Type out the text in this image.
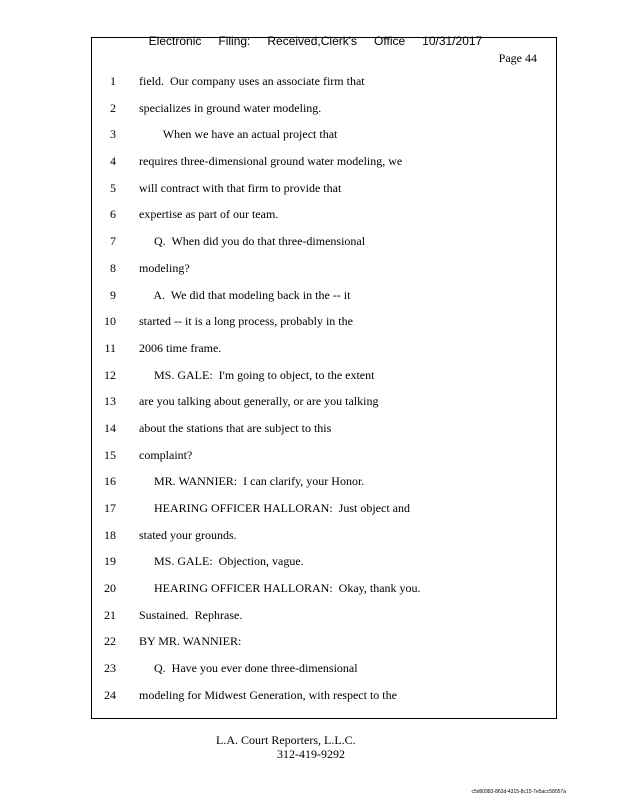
Electronic Filing: Received,Clerk's Office 10/31/2017

Page 44
1 field.  Our company uses an associate firm that
2 specializes in ground water modeling.
3 When we have an actual project that
4 requires three-dimensional ground water modeling, we
5 will contract with that firm to provide that
6 expertise as part of our team.
7 Q.  When did you do that three-dimensional
8 modeling?
9 A.  We did that modeling back in the -- it
10 started -- it is a long process, probably in the
11 2006 time frame.
12 MS. GALE:  I'm going to object, to the extent
13 are you talking about generally, or are you talking
14 about the stations that are subject to this
15 complaint?
16 MR. WANNIER:  I can clarify, your Honor.
17 HEARING OFFICER HALLORAN:  Just object and
18 stated your grounds.
19 MS. GALE:  Objection, vague.
20 HEARING OFFICER HALLORAN:  Okay, thank you.
21 Sustained.  Rephrase.
22 BY MR. WANNIER:
23 Q.  Have you ever done three-dimensional
24 modeling for Midwest Generation, with respect to the
L.A. Court Reporters, L.L.C.
312-419-9292
c5d60983-863d-4315-8c15-7e5acc58057a
